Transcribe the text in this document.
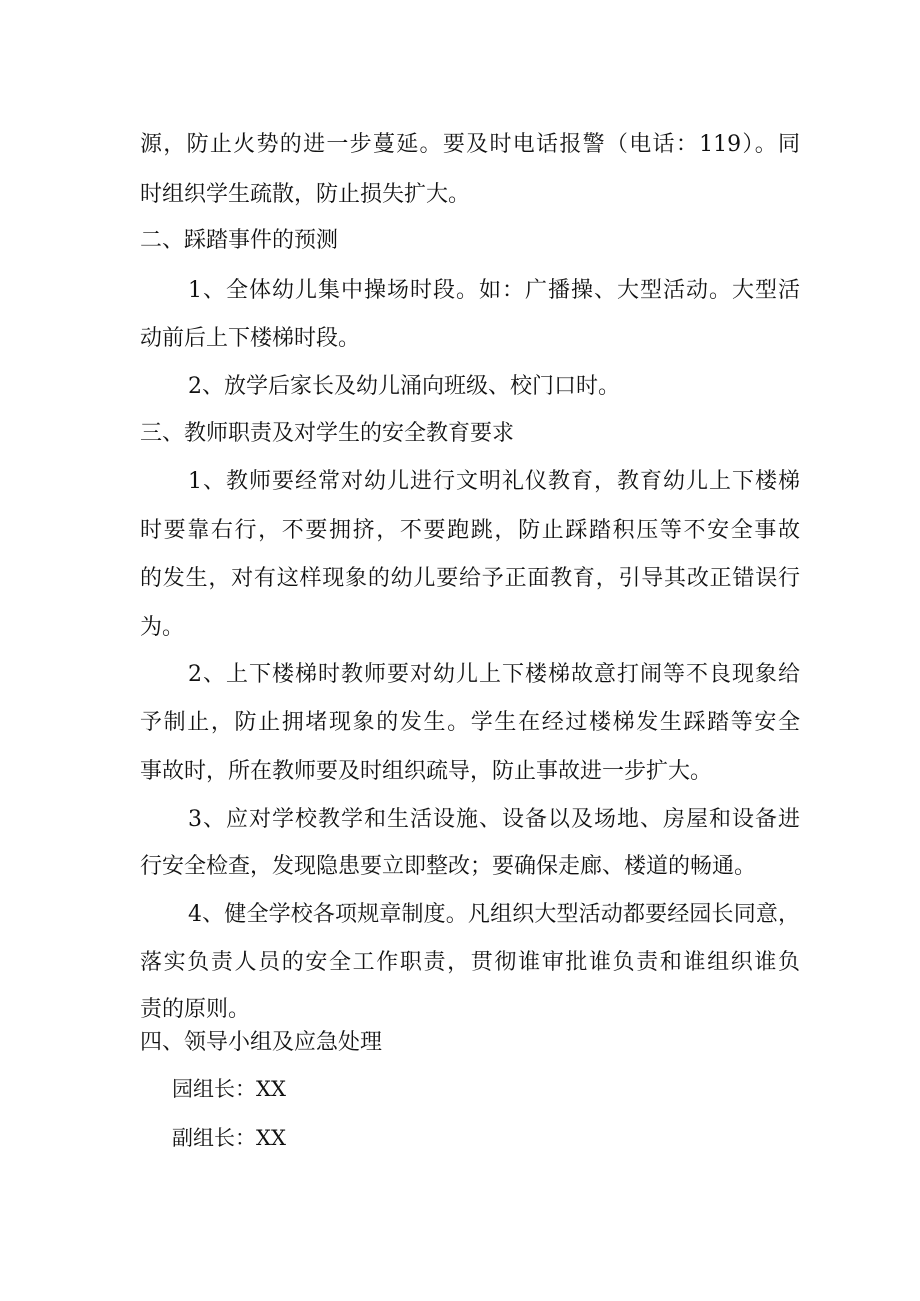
源，防止火势的进一步蔓延。要及时电话报警（电话：119）。同
时组织学生疏散，防止损失扩大。
二、踩踏事件的预测
1、全体幼儿集中操场时段。如：广播操、大型活动。大型活
动前后上下楼梯时段。
2、放学后家长及幼儿涌向班级、校门口时。
三、教师职责及对学生的安全教育要求
1、教师要经常对幼儿进行文明礼仪教育，教育幼儿上下楼梯
时要靠右行，不要拥挤，不要跑跳，防止踩踏积压等不安全事故
的发生，对有这样现象的幼儿要给予正面教育，引导其改正错误行
为。
2、上下楼梯时教师要对幼儿上下楼梯故意打闹等不良现象给
予制止，防止拥堵现象的发生。学生在经过楼梯发生踩踏等安全
事故时，所在教师要及时组织疏导，防止事故进一步扩大。
3、应对学校教学和生活设施、设备以及场地、房屋和设备进
行安全检查，发现隐患要立即整改；要确保走廊、楼道的畅通。
4、健全学校各项规章制度。凡组织大型活动都要经园长同意，
落实负责人员的安全工作职责，贯彻谁审批谁负责和谁组织谁负
责的原则。
四、领导小组及应急处理
园组长：XX
副组长：XX
